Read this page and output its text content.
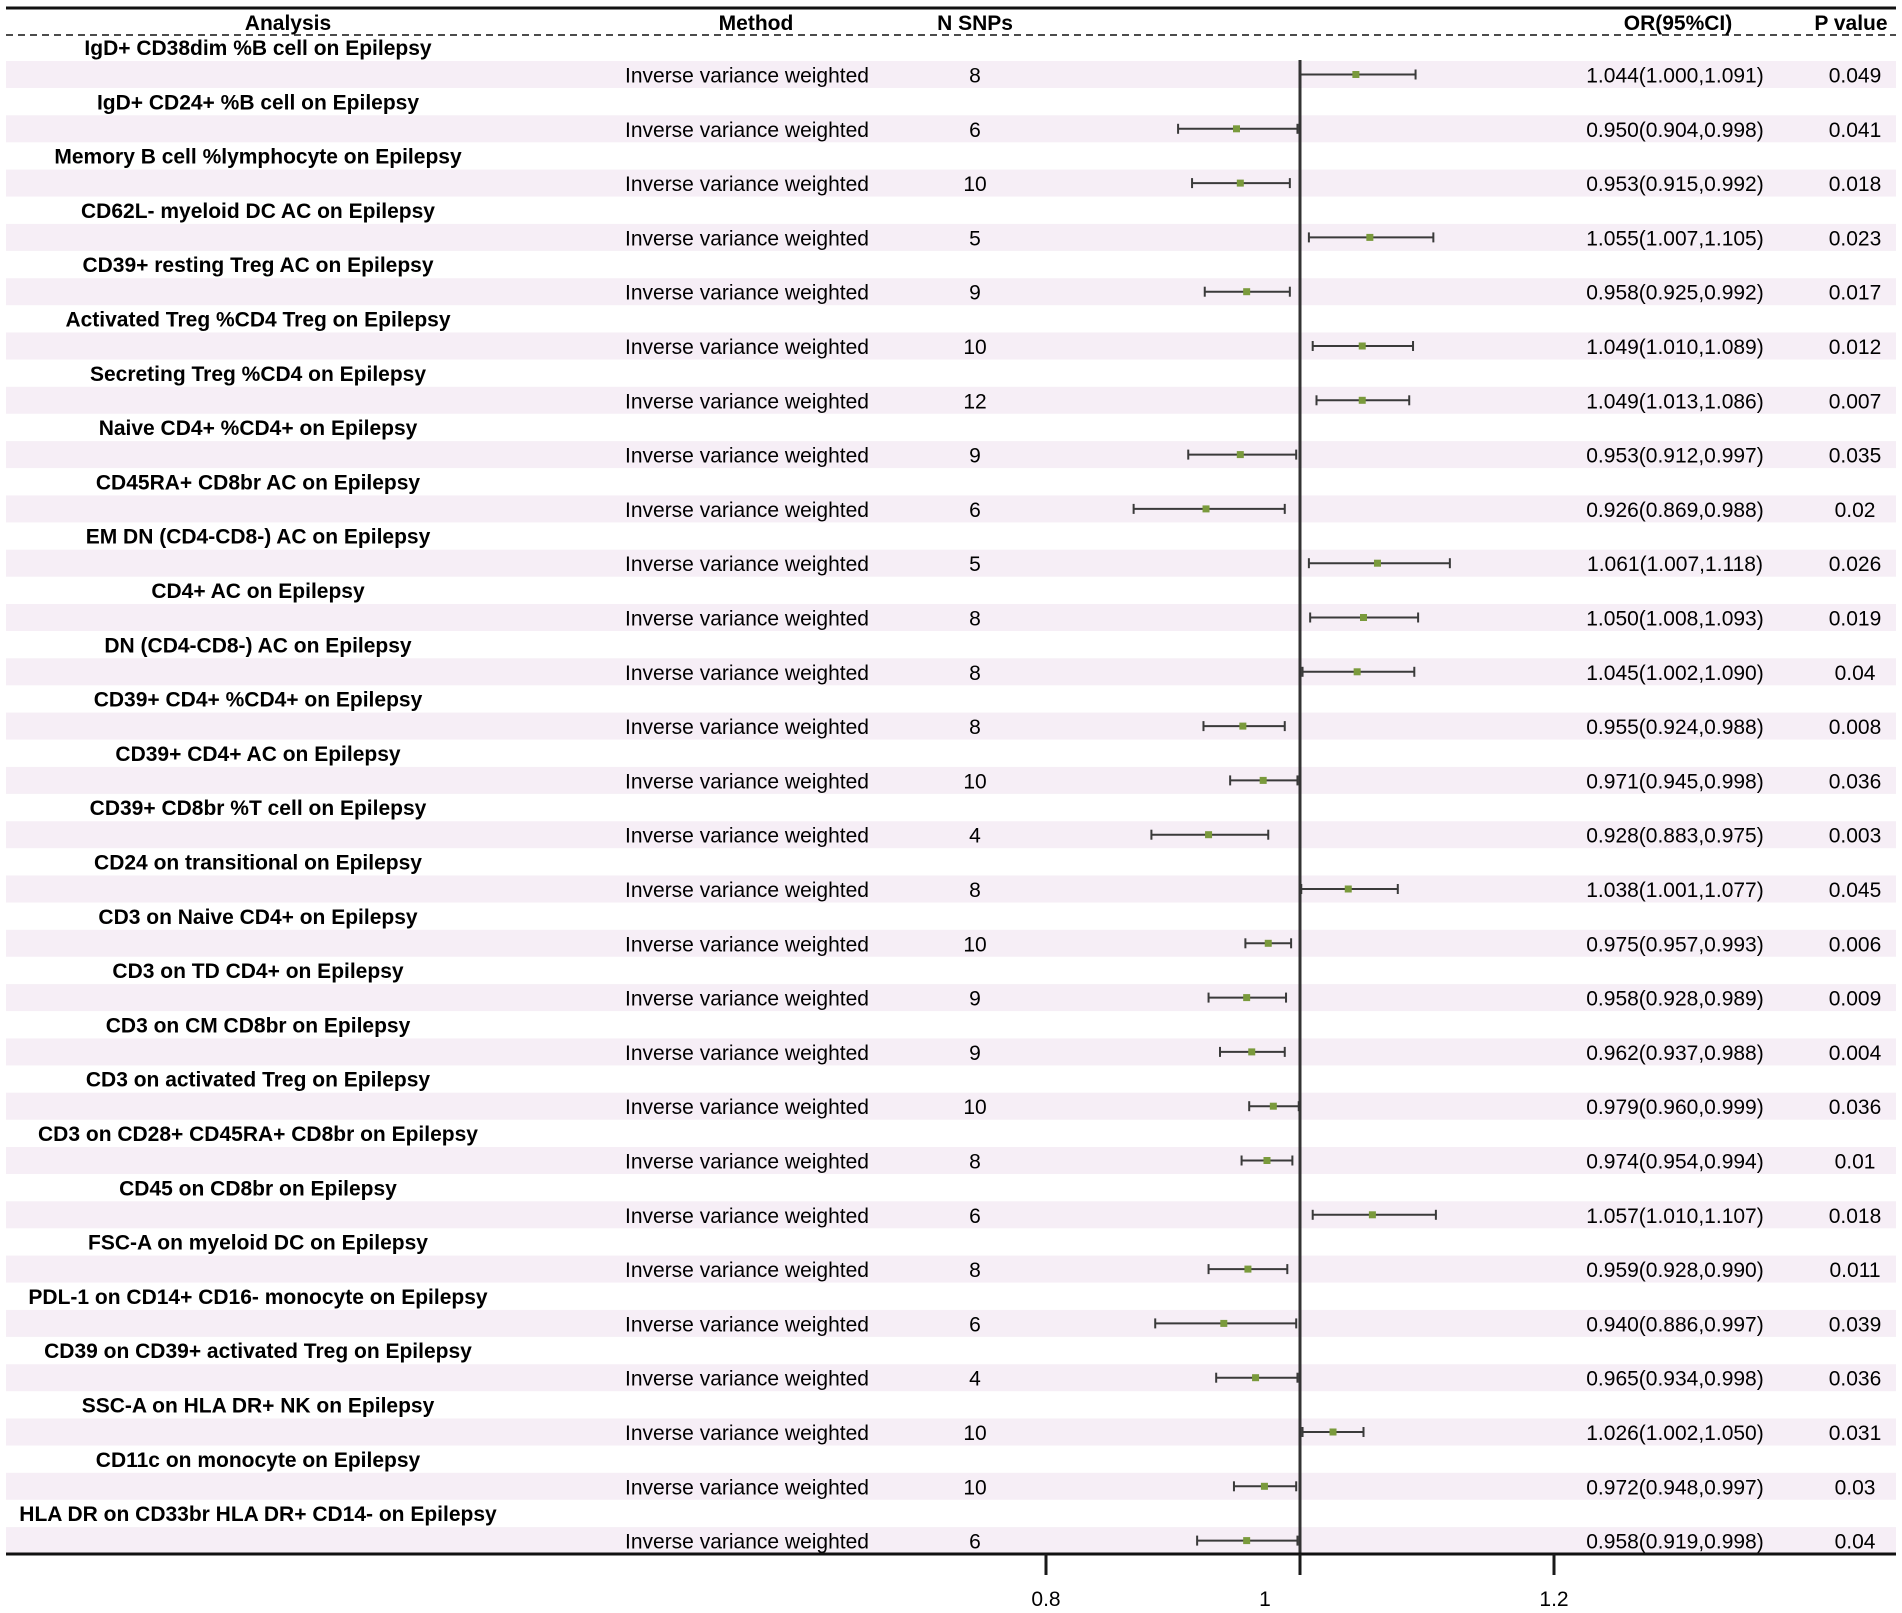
Analysis	Method	N SNPs	OR(95%CI)	P value
IgD+ CD38dim %B cell on Epilepsy
Inverse variance weighted	8	1.044(1.000,1.091)	0.049
IgD+ CD24+ %B cell on Epilepsy
Inverse variance weighted	6	0.950(0.904,0.998)	0.041
Memory B cell %lymphocyte on Epilepsy
Inverse variance weighted	10	0.953(0.915,0.992)	0.018
CD62L- myeloid DC AC on Epilepsy
Inverse variance weighted	5	1.055(1.007,1.105)	0.023
CD39+ resting Treg AC on Epilepsy
Inverse variance weighted	9	0.958(0.925,0.992)	0.017
Activated Treg %CD4 Treg on Epilepsy
Inverse variance weighted	10	1.049(1.010,1.089)	0.012
Secreting Treg %CD4 on Epilepsy
Inverse variance weighted	12	1.049(1.013,1.086)	0.007
Naive CD4+ %CD4+ on Epilepsy
Inverse variance weighted	9	0.953(0.912,0.997)	0.035
CD45RA+ CD8br AC on Epilepsy
Inverse variance weighted	6	0.926(0.869,0.988)	0.02
EM DN (CD4-CD8-) AC on Epilepsy
Inverse variance weighted	5	1.061(1.007,1.118)	0.026
CD4+ AC on Epilepsy
Inverse variance weighted	8	1.050(1.008,1.093)	0.019
DN (CD4-CD8-) AC on Epilepsy
Inverse variance weighted	8	1.045(1.002,1.090)	0.04
CD39+ CD4+ %CD4+ on Epilepsy
Inverse variance weighted	8	0.955(0.924,0.988)	0.008
CD39+ CD4+ AC on Epilepsy
Inverse variance weighted	10	0.971(0.945,0.998)	0.036
CD39+ CD8br %T cell on Epilepsy
Inverse variance weighted	4	0.928(0.883,0.975)	0.003
CD24 on transitional on Epilepsy
Inverse variance weighted	8	1.038(1.001,1.077)	0.045
CD3 on Naive CD4+ on Epilepsy
Inverse variance weighted	10	0.975(0.957,0.993)	0.006
CD3 on TD CD4+ on Epilepsy
Inverse variance weighted	9	0.958(0.928,0.989)	0.009
CD3 on CM CD8br on Epilepsy
Inverse variance weighted	9	0.962(0.937,0.988)	0.004
CD3 on activated Treg on Epilepsy
Inverse variance weighted	10	0.979(0.960,0.999)	0.036
CD3 on CD28+ CD45RA+ CD8br on Epilepsy
Inverse variance weighted	8	0.974(0.954,0.994)	0.01
CD45 on CD8br on Epilepsy
Inverse variance weighted	6	1.057(1.010,1.107)	0.018
FSC-A on myeloid DC on Epilepsy
Inverse variance weighted	8	0.959(0.928,0.990)	0.011
PDL-1 on CD14+ CD16- monocyte on Epilepsy
Inverse variance weighted	6	0.940(0.886,0.997)	0.039
CD39 on CD39+ activated Treg on Epilepsy
Inverse variance weighted	4	0.965(0.934,0.998)	0.036
SSC-A on HLA DR+ NK on Epilepsy
Inverse variance weighted	10	1.026(1.002,1.050)	0.031
CD11c on monocyte on Epilepsy
Inverse variance weighted	10	0.972(0.948,0.997)	0.03
HLA DR on CD33br HLA DR+ CD14- on Epilepsy
Inverse variance weighted	6	0.958(0.919,0.998)	0.04
0.8	1	1.2
